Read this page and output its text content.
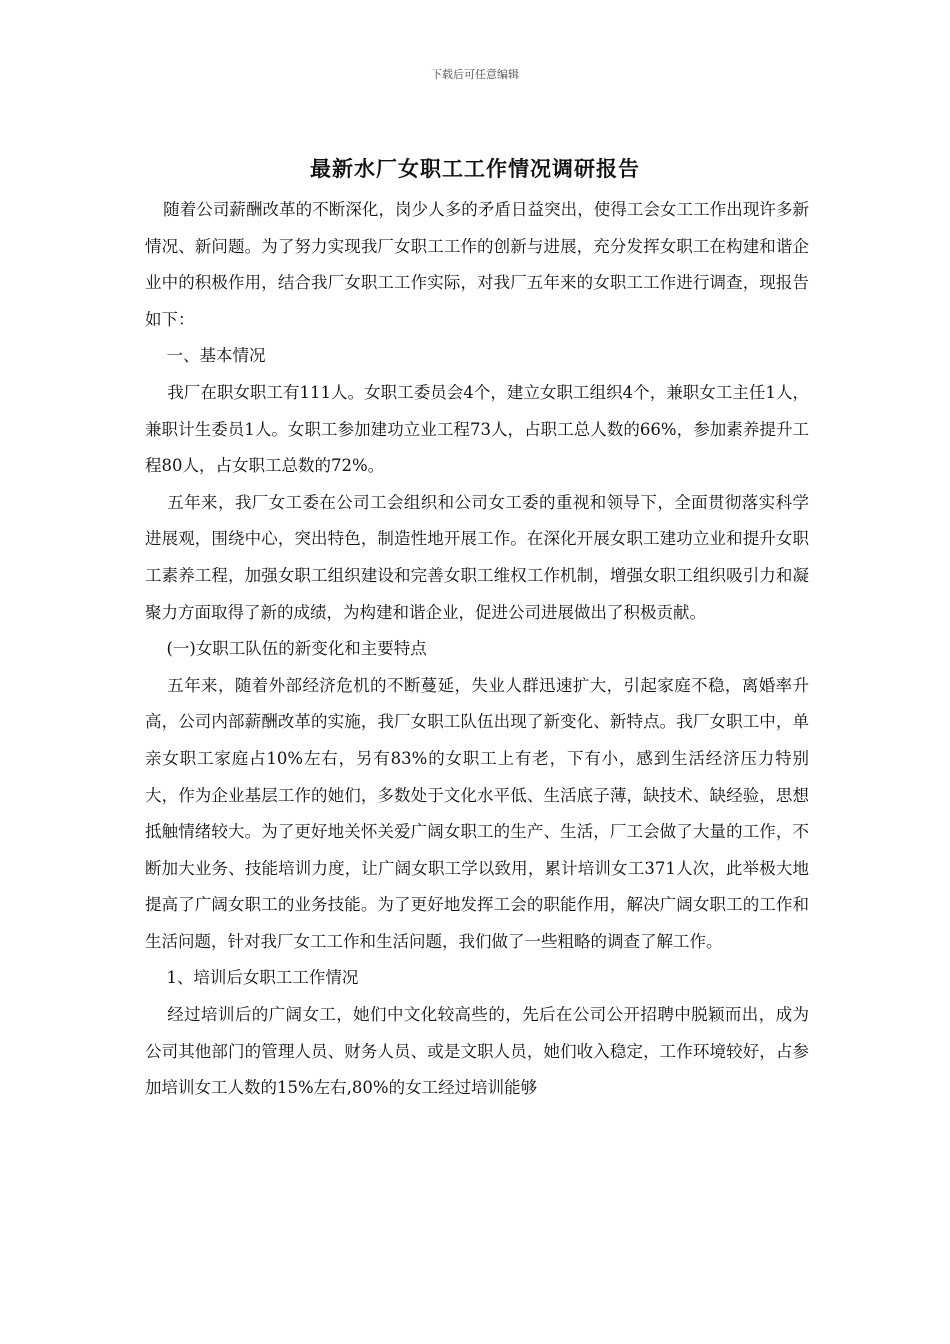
下载后可任意编辑
最新水厂女职工工作情况调研报告

随着公司薪酬改革的不断深化，岗少人多的矛盾日益突出，使得工会女工工作出现许多新情况、新问题。为了努力实现我厂女职工工作的创新与进展，充分发挥女职工在构建和谐企业中的积极作用，结合我厂女职工工作实际，对我厂五年来的女职工工作进行调查，现报告如下：

一、基本情况

我厂在职女职工有111人。女职工委员会4个，建立女职工组织4个，兼职女工主任1人，兼职计生委员1人。女职工参加建功立业工程73人，占职工总人数的66%，参加素养提升工程80人，占女职工总数的72%。

五年来，我厂女工委在公司工会组织和公司女工委的重视和领导下，全面贯彻落实科学进展观，围绕中心，突出特色，制造性地开展工作。在深化开展女职工建功立业和提升女职工素养工程，加强女职工组织建设和完善女职工维权工作机制，增强女职工组织吸引力和凝聚力方面取得了新的成绩，为构建和谐企业，促进公司进展做出了积极贡献。

(一)女职工队伍的新变化和主要特点

五年来，随着外部经济危机的不断蔓延，失业人群迅速扩大，引起家庭不稳，离婚率升高，公司内部薪酬改革的实施，我厂女职工队伍出现了新变化、新特点。我厂女职工中，单亲女职工家庭占10%左右，另有83%的女职工上有老，下有小，感到生活经济压力特别大，作为企业基层工作的她们，多数处于文化水平低、生活底子薄，缺技术、缺经验，思想抵触情绪较大。为了更好地关怀关爱广阔女职工的生产、生活，厂工会做了大量的工作，不断加大业务、技能培训力度，让广阔女职工学以致用，累计培训女工371人次，此举极大地提高了广阔女职工的业务技能。为了更好地发挥工会的职能作用，解决广阔女职工的工作和生活问题，针对我厂女工工作和生活问题，我们做了一些粗略的调查了解工作。

1、培训后女职工工作情况

经过培训后的广阔女工，她们中文化较高些的，先后在公司公开招聘中脱颖而出，成为公司其他部门的管理人员、财务人员、或是文职人员，她们收入稳定，工作环境较好，占参加培训女工人数的15%左右,80%的女工经过培训能够
